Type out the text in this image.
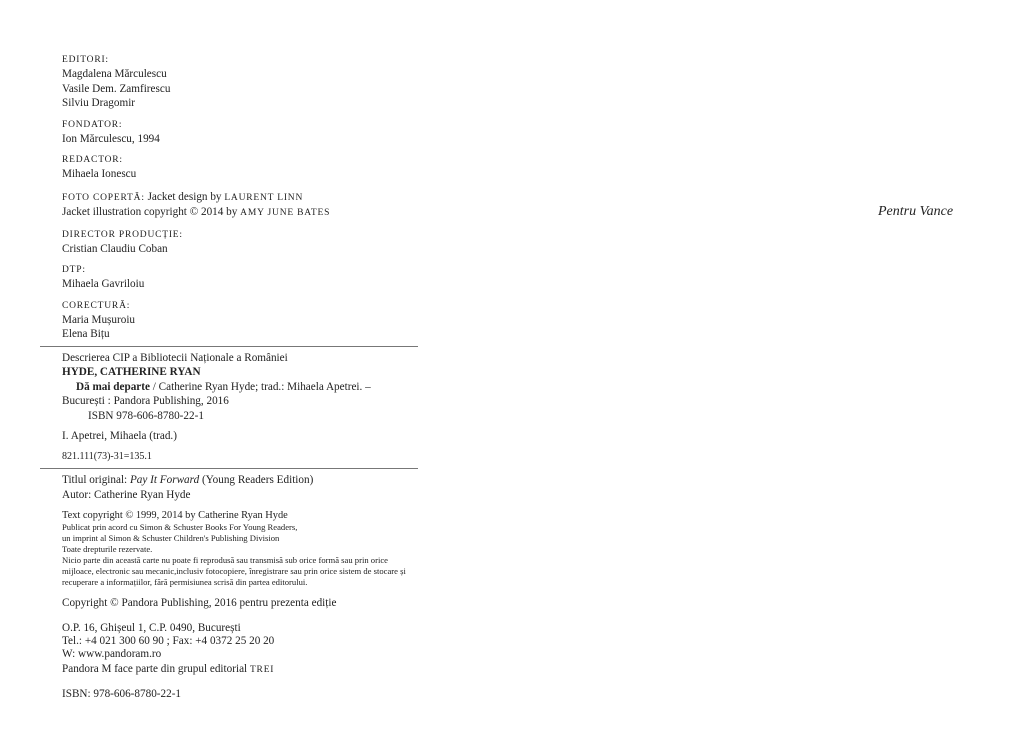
EDITORI:
Magdalena Mărculescu
Vasile Dem. Zamfirescu
Silviu Dragomir
FONDATOR:
Ion Mărculescu, 1994
REDACTOR:
Mihaela Ionescu
FOTO COPERTĂ: Jacket design by LAURENT LINN
Jacket illustration copyright © 2014 by AMY JUNE BATES
DIRECTOR PRODUCȚIE:
Cristian Claudiu Coban
DTP:
Mihaela Gavriloiu
CORECTURĂ:
Maria Mușuroiu
Elena Bițu
Descrierea CIP a Bibliotecii Naționale a României
HYDE, CATHERINE RYAN
Dă mai departe / Catherine Ryan Hyde; trad.: Mihaela Apetrei. –
București : Pandora Publishing, 2016
ISBN 978-606-8780-22-1
I. Apetrei, Mihaela (trad.)
821.111(73)-31=135.1
Titlul original: Pay It Forward (Young Readers Edition)
Autor: Catherine Ryan Hyde
Text copyright © 1999, 2014 by Catherine Ryan Hyde
Publicat prin acord cu Simon & Schuster Books For Young Readers,
un imprint al Simon & Schuster Children's Publishing Division
Toate drepturile rezervate.
Nicio parte din această carte nu poate fi reprodusă sau transmisă sub orice formă sau prin orice
mijloace, electronic sau mecanic,inclusiv fotocopiere, înregistrare sau prin orice sistem de stocare și
recuperare a informațiilor, fără permisiunea scrisă din partea editorului.
Copyright © Pandora Publishing, 2016 pentru prezenta ediție
O.P. 16, Ghișeul 1, C.P. 0490, București
Tel.: +4 021 300 60 90 ; Fax: +4 0372 25 20 20
W: www.pandoram.ro
Pandora M face parte din grupul editorial TREI
ISBN: 978-606-8780-22-1
Pentru Vance
